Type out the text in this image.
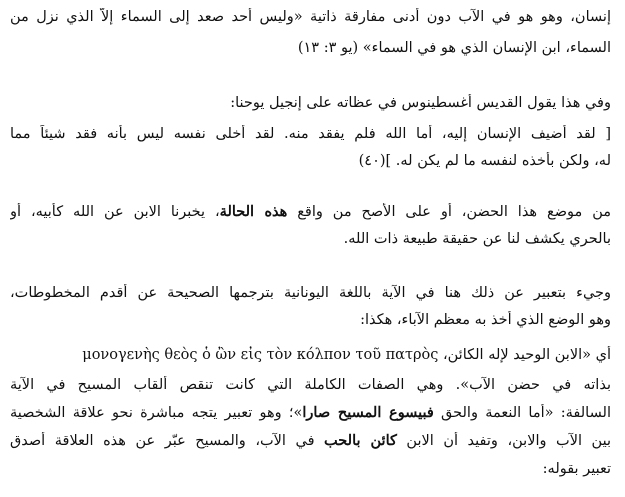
إنسان، وهو هو في الآب دون أدنى مفارقة ذاتية «وليس أحد صعد إلى السماء إلاّ الذي نزل من
السماء، ابن الإنسان الذي هو في السماء» (يو ٣: ١٣)
وفي هذا يقول القديس أغسطينوس في عظاته على إنجيل يوحنا:
[ لقد أضيف الإنسان إليه، أما الله فلم يفقد منه. لقد أخلى نفسه ليس بأنه فقد شيئاً مما
له، ولكن بأخذه لنفسه ما لم يكن له. ](٤٠)
من موضع هذا الحضن، أو على الأصح من واقع هذه الحالة، يخبرنا الابن عن الله كأبيه، أو
بالحري يكشف لنا عن حقيقة طبيعة ذات الله.
وجيء بتعبير عن ذلك هنا في الآية باللغة اليونانية بترجمها الصحيحة عن أقدم المخطوطات،
وهو الوضع الذي أخذ به معظم الآباء، هكذا:
أي «الابن الوحيد لإله الكائن، μονογενὴς θεὸς ὁ ὢν εἰς τὸν κόλπον τοῦ πατρὸς
بذاته في حضن الآب». وهي الصفات الكاملة التي كانت تنقص ألقاب المسيح في الآية
السالفة: «أما النعمة والحق فبيسوع المسيح صارا»؛ وهو تعبير يتجه مباشرة نحو علاقة الشخصية
بين الآب والابن، وتفيد أن الابن كائن بالحب في الآب، والمسيح عبّر عن هذه العلاقة أصدق
تعبير بقوله:
